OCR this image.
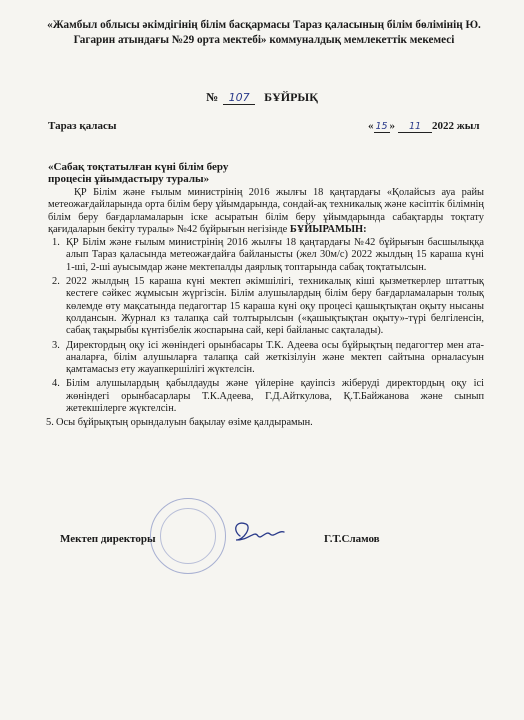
«Жамбыл облысы әкімдігінің білім басқармасы Тараз қаласының білім бөлімінің Ю. Гагарин атындағы №29 орта мектебі» коммуналдық мемлекеттік мекемесі
№ 107 БҰЙРЫҚ
Тараз қаласы	« 15 » 11 2022 жыл
«Сабақ тоқтатылған күні білім беру
процесін ұйымдастыру туралы»

ҚР Білім және ғылым министрінің 2016 жылғы 18 қаңтардағы «Қолайсыз ауа райы метеожағдайларында орта білім беру ұйымдарында, сондай-ақ техникалық және кәсіптік білімнің білім беру бағдарламаларын іске асыратын білім беру ұйымдарында сабақтарды тоқтату қағидаларын бекіту туралы» №42 бұйрығын негізінде БҰЙЫРАМЫН:

1. ҚР Білім және ғылым министрінің 2016 жылғы 18 қаңтардағы №42 бұйрығын басшылыққа алып Тараз қаласында метеожағдайға байланысты (жел 30м/с) 2022 жылдың 15 караша күні 1-ші, 2-ші ауысымдар және мектепалды даярлық топтарында сабақ тоқтатылсын.
2. 2022 жылдың 15 караша күні мектеп әкімшілігі, техникалық кіші қызметкерлер штаттық кестеге сәйкес жұмысын жүргізсін. Білім алушылардың білім беру бағдарламаларын толық көлемде өту мақсатында педагогтар 15 караша күні оқу процесі қашықтықтан оқыту нысаны қолдансын. Журнал кз талапқа сай толтырылсын («қашықтықтан оқыту»-түрі белгіленсін, сабақ тақырыбы күнтізбелік жоспарына сай, кері байланыс сақталады).
3. Директордың оқу ісі жөніндегі орынбасары Т.К. Адеева осы бұйрықтың педагогтер мен ата-аналарға, білім алушыларға талапқа сай жеткізілуін және мектеп сайтына орналасуын қамтамасыз ету жауапкершілігі жүктелсін.
4. Білім алушылардың қабылдауды және үйлеріне қауіпсіз жіберуді директордың оқу ісі жөніндегі орынбасарлары Т.К.Адеева, Г.Д.Айткулова, Қ.Т.Байжанова және сынып жетекшілерге жүктелсін.
5. Осы бұйрықтың орындалуын бақылау өзіме қалдырамын.
Мектеп директоры	Г.Т.Сламов
